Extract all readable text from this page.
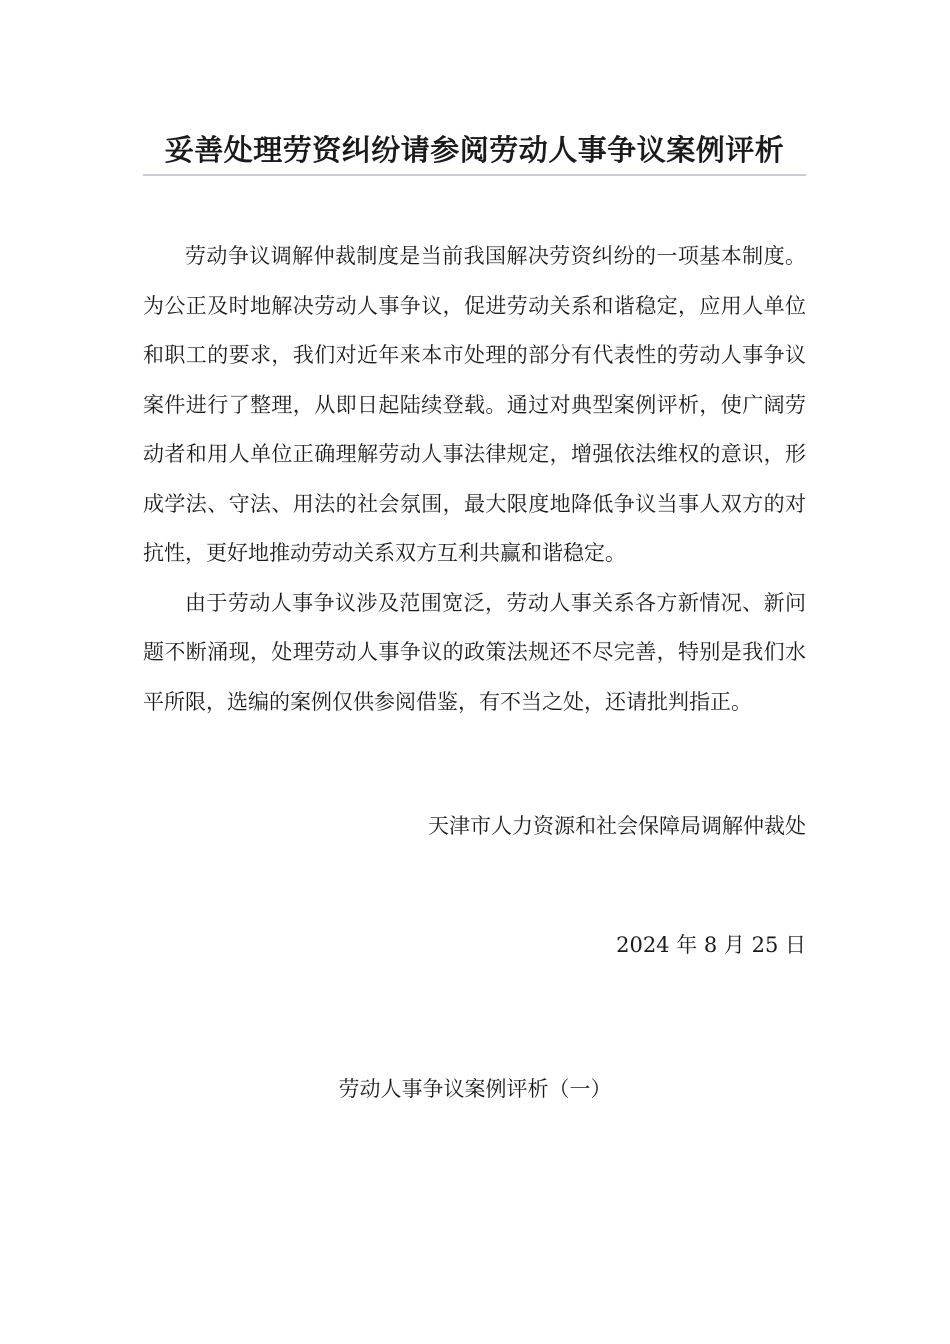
妥善处理劳资纠纷请参阅劳动人事争议案例评析

劳动争议调解仲裁制度是当前我国解决劳资纠纷的一项基本制度。为公正及时地解决劳动人事争议，促进劳动关系和谐稳定，应用人单位和职工的要求，我们对近年来本市处理的部分有代表性的劳动人事争议案件进行了整理，从即日起陆续登载。通过对典型案例评析，使广阔劳动者和用人单位正确理解劳动人事法律规定，增强依法维权的意识，形成学法、守法、用法的社会氛围，最大限度地降低争议当事人双方的对抗性，更好地推动劳动关系双方互利共赢和谐稳定。

由于劳动人事争议涉及范围宽泛，劳动人事关系各方新情况、新问题不断涌现，处理劳动人事争议的政策法规还不尽完善，特别是我们水平所限，选编的案例仅供参阅借鉴，有不当之处，还请批判指正。

天津市人力资源和社会保障局调解仲裁处
2024 年 8 月 25 日
劳动人事争议案例评析（一）
